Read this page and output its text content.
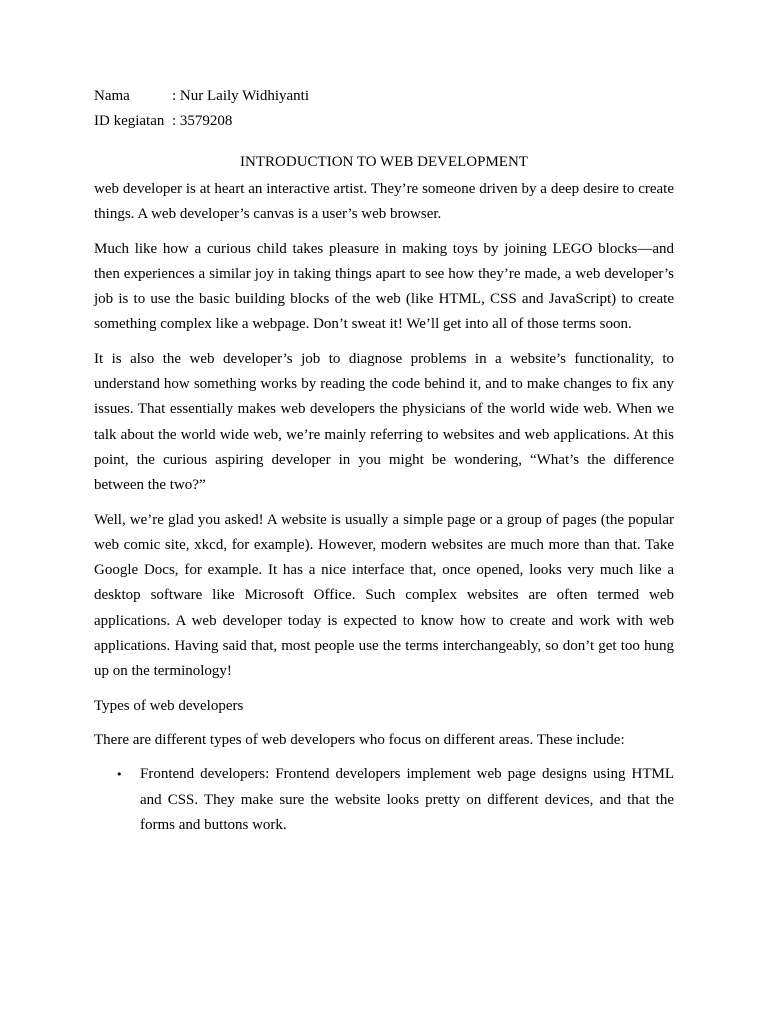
Nama	: Nur Laily Widhiyanti
ID kegiatan : 3579208
INTRODUCTION TO WEB DEVELOPMENT

web developer is at heart an interactive artist. They’re someone driven by a deep desire to create things. A web developer’s canvas is a user’s web browser.

Much like how a curious child takes pleasure in making toys by joining LEGO blocks—and then experiences a similar joy in taking things apart to see how they’re made, a web developer’s job is to use the basic building blocks of the web (like HTML, CSS and JavaScript) to create something complex like a webpage. Don’t sweat it! We’ll get into all of those terms soon.

It is also the web developer’s job to diagnose problems in a website’s functionality, to understand how something works by reading the code behind it, and to make changes to fix any issues. That essentially makes web developers the physicians of the world wide web. When we talk about the world wide web, we’re mainly referring to websites and web applications. At this point, the curious aspiring developer in you might be wondering, “What’s the difference between the two?”

Well, we’re glad you asked! A website is usually a simple page or a group of pages (the popular web comic site, xkcd, for example). However, modern websites are much more than that. Take Google Docs, for example. It has a nice interface that, once opened, looks very much like a desktop software like Microsoft Office. Such complex websites are often termed web applications. A web developer today is expected to know how to create and work with web applications. Having said that, most people use the terms interchangeably, so don’t get too hung up on the terminology!

Types of web developers

There are different types of web developers who focus on different areas. These include:

• Frontend developers: Frontend developers implement web page designs using HTML and CSS. They make sure the website looks pretty on different devices, and that the forms and buttons work.
